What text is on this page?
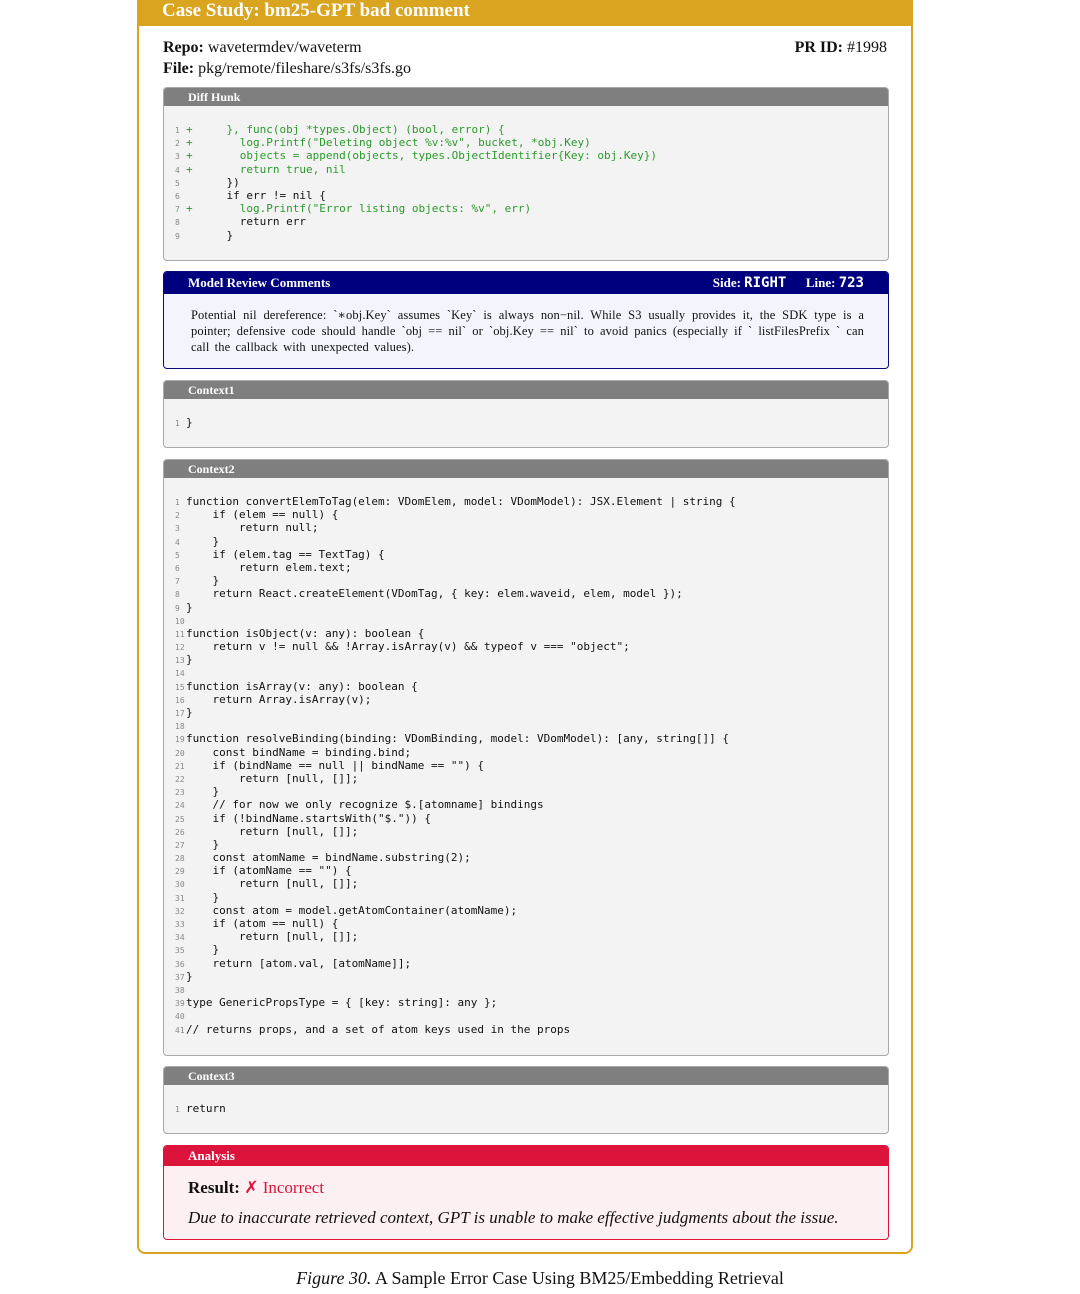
Case Study: bm25-GPT bad comment
Repo: wavetermdev/waveterm
File: pkg/remote/fileshare/s3fs/s3fs.go
PR ID: #1998
Diff Hunk
1 +    }, func(obj *types.Object) (bool, error) {
2 +      log.Printf("Deleting object %v:%v", bucket, *obj.Key)
3 +      objects = append(objects, types.ObjectIdentifier{Key: obj.Key})
4 +      return true, nil
5    })
6    if err != nil {
7 +      log.Printf("Error listing objects: %v", err)
8      return err
9    }
Model Review Comments	Side: RIGHT Line: 723
Potential nil dereference: `∗obj.Key` assumes `Key` is always non−nil. While S3 usually provides it, the SDK type is a pointer; defensive code should handle `obj == nil` or `obj.Key == nil` to avoid panics (especially if ` listFilesPrefix ` can call the callback with unexpected values).
Context1
1 }
Context2
1 function convertElemToTag(elem: VDomElem, model: VDomModel): JSX.Element | string {
2    if (elem == null) {
3        return null;
4    }
5    if (elem.tag == TextTag) {
6        return elem.text;
7    }
8    return React.createElement(VDomTag, { key: elem.waveid, elem, model });
9 }
10
11function isObject(v: any): boolean {
12    return v != null && !Array.isArray(v) && typeof v === "object";
13}
14
15function isArray(v: any): boolean {
16    return Array.isArray(v);
17}
18
19function resolveBinding(binding: VDomBinding, model: VDomModel): [any, string[]] {
20    const bindName = binding.bind;
21    if (bindName == null || bindName == "") {
22        return [null, []];
23    }
24    // for now we only recognize $.[atomname] bindings
25    if (!bindName.startsWith("$.")) {
26        return [null, []];
27    }
28    const atomName = bindName.substring(2);
29    if (atomName == "") {
30        return [null, []];
31    }
32    const atom = model.getAtomContainer(atomName);
33    if (atom == null) {
34        return [null, []];
35    }
36    return [atom.val, [atomName]];
37}
38
39type GenericPropsType = { [key: string]: any };
40
41// returns props, and a set of atom keys used in the props
Context3
1 return
Analysis
Result: ✗ Incorrect
Due to inaccurate retrieved context, GPT is unable to make effective judgments about the issue.
Figure 30. A Sample Error Case Using BM25/Embedding Retrieval
